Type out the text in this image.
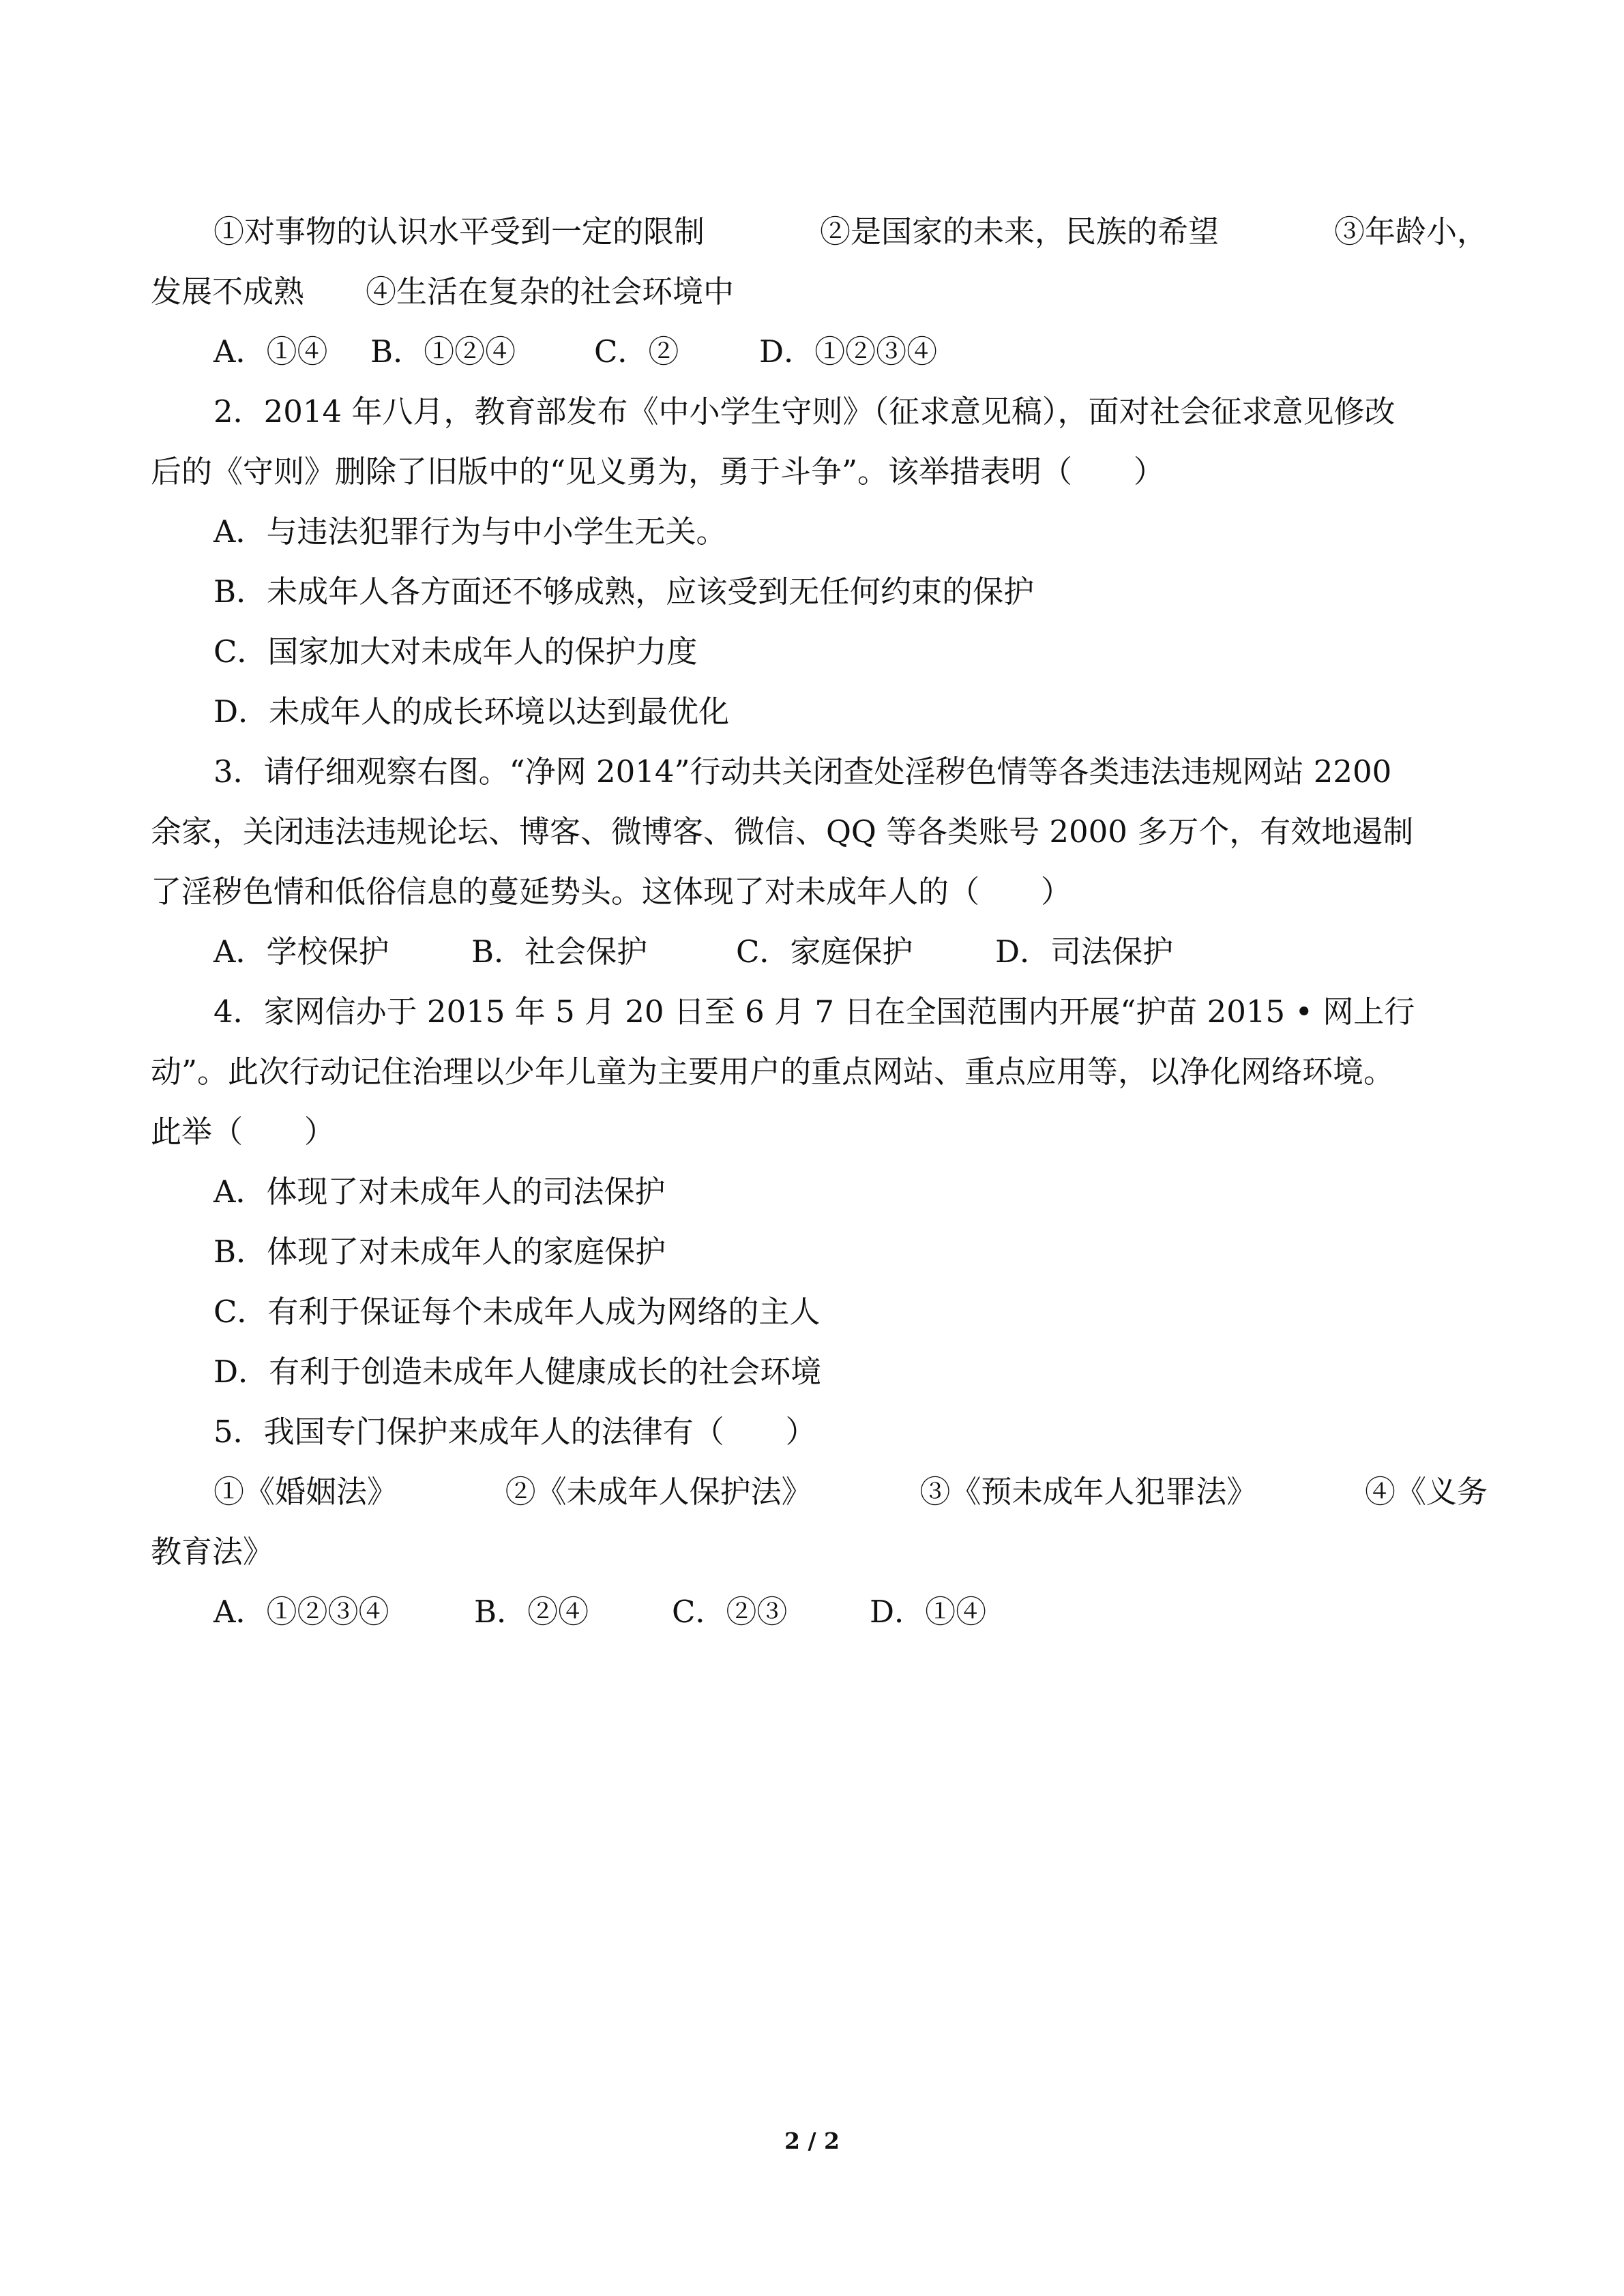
①对事物的认识水平受到一定的限制	②是国家的未来，民族的希望	③年龄小，
发展不成熟 ④生活在复杂的社会环境中
A．①④ B．①②④	C．②	D．①②③④
2．2014 年八月，教育部发布《中小学生守则》（征求意见稿），面对社会征求意见修改
后的《守则》删除了旧版中的“见义勇为，勇于斗争”。该举措表明（　　）
A．与违法犯罪行为与中小学生无关。
B．未成年人各方面还不够成熟，应该受到无任何约束的保护
C．国家加大对未成年人的保护力度
D．未成年人的成长环境以达到最优化
3．请仔细观察右图。“净网 2014”行动共关闭查处淫秽色情等各类违法违规网站 2200
余家，关闭违法违规论坛、博客、微博客、微信、QQ 等各类账号 2000 多万个，有效地遏制
了淫秽色情和低俗信息的蔓延势头。这体现了对未成年人的（　　）
A．学校保护	B．社会保护	C．家庭保护	D．司法保护
4．家网信办于 2015 年 5 月 20 日至 6 月 7 日在全国范围内开展“护苗 2015 • 网上行
动”。此次行动记住治理以少年儿童为主要用户的重点网站、重点应用等，以净化网络环境。
此举（　　）
A．体现了对未成年人的司法保护
B．体现了对未成年人的家庭保护
C．有利于保证每个未成年人成为网络的主人
D．有利于创造未成年人健康成长的社会环境
5．我国专门保护来成年人的法律有（　　）
①《婚姻法》	②《未成年人保护法》	③《预未成年人犯罪法》	④《义务
教育法》
A．①②③④	B．②④	C．②③	D．①④
2 / 2
